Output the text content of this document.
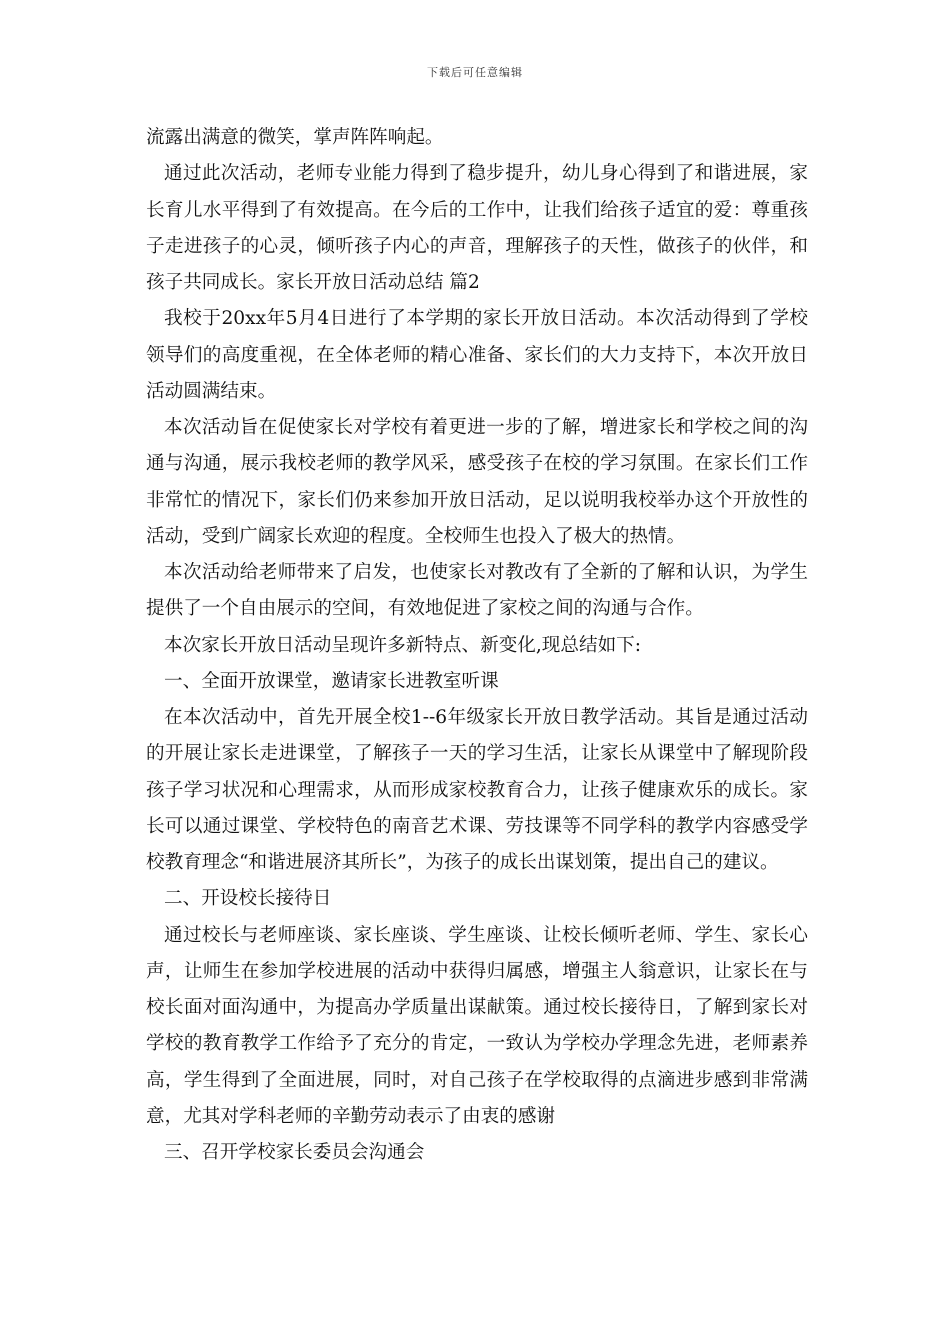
下载后可任意编辑

流露出满意的微笑，掌声阵阵响起。

通过此次活动，老师专业能力得到了稳步提升，幼儿身心得到了和谐进展，家长育儿水平得到了有效提高。在今后的工作中，让我们给孩子适宜的爱：尊重孩子走进孩子的心灵，倾听孩子内心的声音，理解孩子的天性，做孩子的伙伴，和孩子共同成长。家长开放日活动总结 篇2

我校于20xx年5月4日进行了本学期的家长开放日活动。本次活动得到了学校领导们的高度重视，在全体老师的精心准备、家长们的大力支持下，本次开放日活动圆满结束。

本次活动旨在促使家长对学校有着更进一步的了解，增进家长和学校之间的沟通与沟通，展示我校老师的教学风采，感受孩子在校的学习氛围。在家长们工作非常忙的情况下，家长们仍来参加开放日活动，足以说明我校举办这个开放性的活动，受到广阔家长欢迎的程度。全校师生也投入了极大的热情。

本次活动给老师带来了启发，也使家长对教改有了全新的了解和认识，为学生提供了一个自由展示的空间，有效地促进了家校之间的沟通与合作。

本次家长开放日活动呈现许多新特点、新变化,现总结如下:

一、全面开放课堂，邀请家长进教室听课

在本次活动中，首先开展全校1--6年级家长开放日教学活动。其旨是通过活动的开展让家长走进课堂，了解孩子一天的学习生活，让家长从课堂中了解现阶段孩子学习状况和心理需求，从而形成家校教育合力，让孩子健康欢乐的成长。家长可以通过课堂、学校特色的南音艺术课、劳技课等不同学科的教学内容感受学校教育理念“和谐进展济其所长”，为孩子的成长出谋划策，提出自己的建议。

二、开设校长接待日

通过校长与老师座谈、家长座谈、学生座谈、让校长倾听老师、学生、家长心声，让师生在参加学校进展的活动中获得归属感，增强主人翁意识，让家长在与校长面对面沟通中，为提高办学质量出谋献策。通过校长接待日，了解到家长对学校的教育教学工作给予了充分的肯定，一致认为学校办学理念先进，老师素养高，学生得到了全面进展，同时，对自己孩子在学校取得的点滴进步感到非常满意，尤其对学科老师的辛勤劳动表示了由衷的感谢

三、召开学校家长委员会沟通会
